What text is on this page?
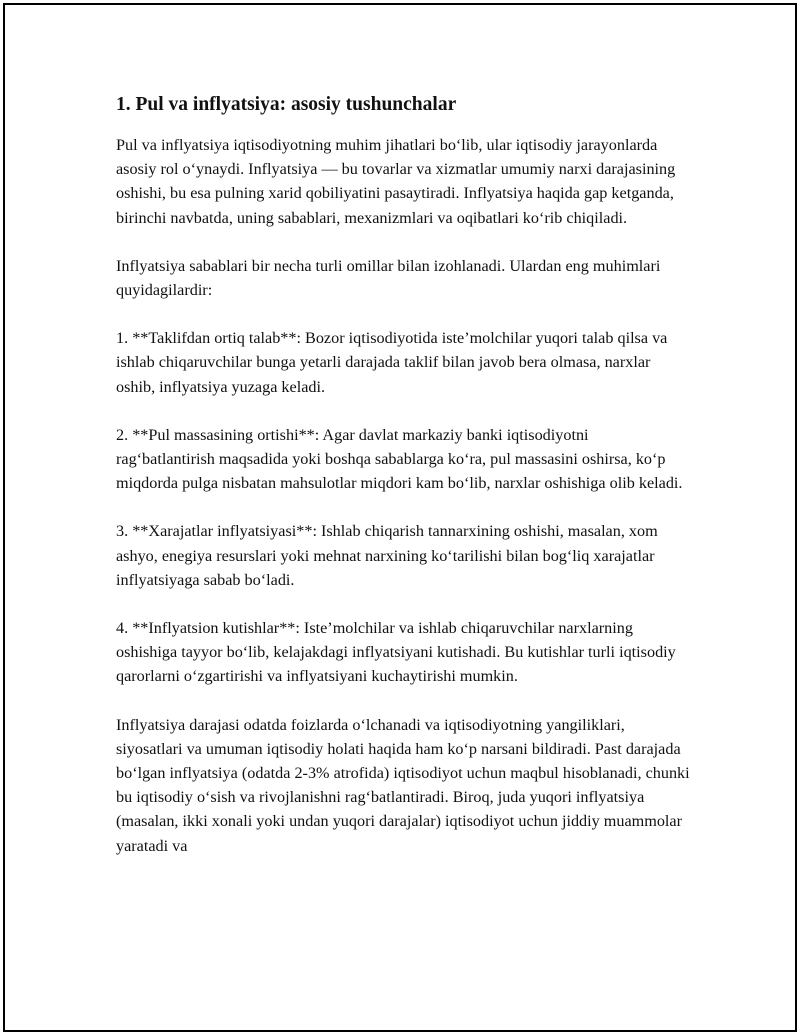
1. Pul va inflyatsiya: asosiy tushunchalar

Pul va inflyatsiya iqtisodiyotning muhim jihatlari bo‘lib, ular iqtisodiy jarayonlarda asosiy rol o‘ynaydi. Inflyatsiya — bu tovarlar va xizmatlar umumiy narxi darajasining oshishi, bu esa pulning xarid qobiliyatini pasaytiradi. Inflyatsiya haqida gap ketganda, birinchi navbatda, uning sabablari, mexanizmlari va oqibatlari ko‘rib chiqiladi.

Inflyatsiya sabablari bir necha turli omillar bilan izohlanadi. Ulardan eng muhimlari quyidagilardir:

1. **Taklifdan ortiq talab**: Bozor iqtisodiyotida iste’molchilar yuqori talab qilsa va ishlab chiqaruvchilar bunga yetarli darajada taklif bilan javob bera olmasa, narxlar oshib, inflyatsiya yuzaga keladi.

2. **Pul massasining ortishi**: Agar davlat markaziy banki iqtisodiyotni rag‘batlantirish maqsadida yoki boshqa sabablarga ko‘ra, pul massasini oshirsa, ko‘p miqdorda pulga nisbatan mahsulotlar miqdori kam bo‘lib, narxlar oshishiga olib keladi.

3. **Xarajatlar inflyatsiyasi**: Ishlab chiqarish tannarxining oshishi, masalan, xom ashyo, enegiya resurslari yoki mehnat narxining ko‘tarilishi bilan bog‘liq xarajatlar inflyatsiyaga sabab bo‘ladi.

4. **Inflyatsion kutishlar**: Iste’molchilar va ishlab chiqaruvchilar narxlarning oshishiga tayyor bo‘lib, kelajakdagi inflyatsiyani kutishadi. Bu kutishlar turli iqtisodiy qarorlarni o‘zgartirishi va inflyatsiyani kuchaytirishi mumkin.

Inflyatsiya darajasi odatda foizlarda o‘lchanadi va iqtisodiyotning yangiliklari, siyosatlari va umuman iqtisodiy holati haqida ham ko‘p narsani bildiradi. Past darajada bo‘lgan inflyatsiya (odatda 2-3% atrofida) iqtisodiyot uchun maqbul hisoblanadi, chunki bu iqtisodiy o‘sish va rivojlanishni rag‘batlantiradi. Biroq, juda yuqori inflyatsiya (masalan, ikki xonali yoki undan yuqori darajalar) iqtisodiyot uchun jiddiy muammolar yaratadi va
